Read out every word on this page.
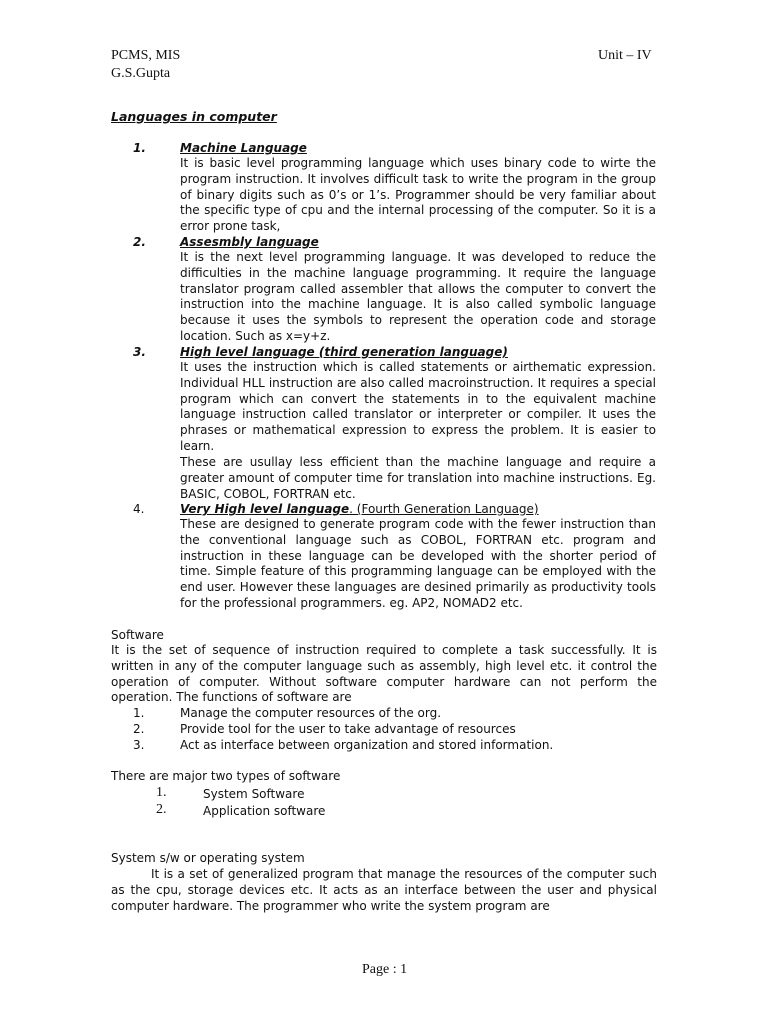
PCMS, MIS
G.S.Gupta
Unit – IV
Languages in computer
1.	Machine Language
It is basic level programming language which uses binary code to wirte the program instruction. It involves difficult task to write the program in the group of binary digits such as 0’s or 1’s. Programmer should be very familiar about the specific type of cpu and the internal processing of the computer. So it is a error prone task,
2.	Assesmbly language
It is the next level programming language. It was developed to reduce the difficulties in the machine language programming. It require the language translator program called assembler that allows the computer to convert the instruction into the machine language. It is also called symbolic language because it uses the symbols to represent the operation code and storage location. Such as x=y+z.
3.	High level language (third generation language)
It uses the instruction which is called statements or airthematic expression. Individual HLL instruction are also called macroinstruction. It requires a special program which can convert the statements in to the equivalent machine language instruction called translator or interpreter or compiler. It uses the phrases or mathematical expression to express the problem. It is easier to learn.
These are usullay less efficient than the machine language and require a greater amount of computer time for translation into machine instructions. Eg. BASIC, COBOL, FORTRAN etc.
4.	Very High level language. (Fourth Generation Language)
These are designed to generate program code with the fewer instruction than the conventional language such as COBOL, FORTRAN etc. program and instruction in these language can be developed with the shorter period of time. Simple feature of this programming language can be employed with the end user. However these languages are desined primarily as productivity tools for the professional programmers. eg. AP2, NOMAD2 etc.
Software
It is the set of sequence of instruction required to complete a task successfully. It is written in any of the computer language such as assembly, high level etc. it control the operation of computer. Without software computer hardware can not perform the operation. The functions of software are
1.	Manage the computer resources of the org.
2.	Provide tool for the user to take advantage of resources
3.	Act as interface between organization and stored information.
There are major two types of software
1.	System Software
2.	Application software
System s/w or operating system
It is a set of generalized program that manage the resources of the computer such as the cpu, storage devices etc. It acts as an interface between the user and physical computer hardware. The programmer who write the system program are
Page : 1
